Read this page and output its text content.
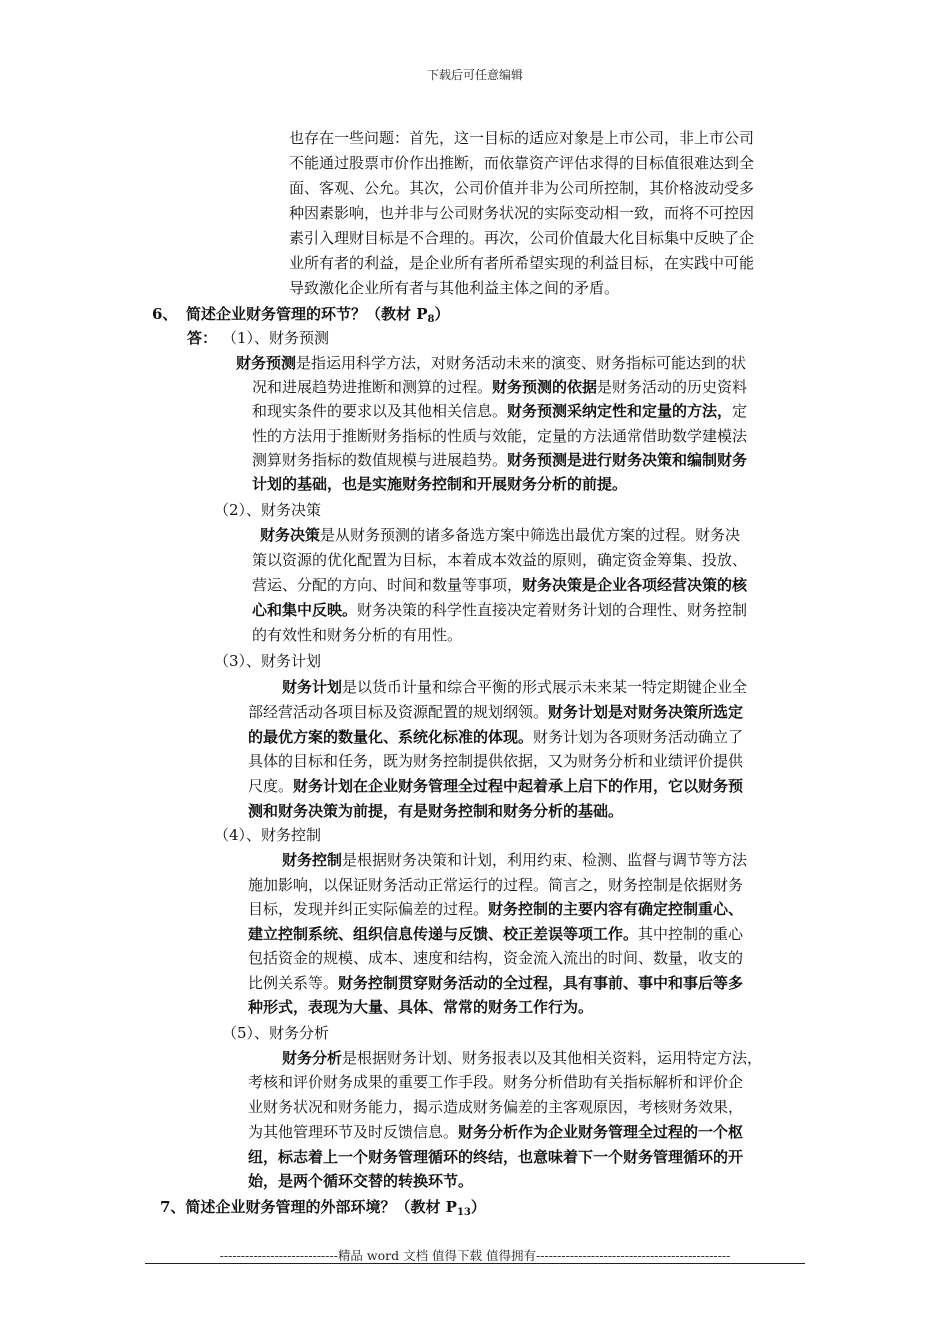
下载后可任意编辑
也存在一些问题：首先，这一目标的适应对象是上市公司，非上市公司
不能通过股票市价作出推断，而依靠资产评估求得的目标值很难达到全
面、客观、公允。其次，公司价值并非为公司所控制，其价格波动受多
种因素影响，也并非与公司财务状况的实际变动相一致，而将不可控因
素引入理财目标是不合理的。再次，公司价值最大化目标集中反映了企
业所有者的利益，是企业所有者所希望实现的利益目标，在实践中可能
导致激化企业所有者与其他利益主体之间的矛盾。
6、 简述企业财务管理的环节？（教材 $P_8$）
答： （1）、财务预测
财务预测是指运用科学方法，对财务活动未来的演变、财务指标可能达到的状
况和进展趋势进推断和测算的过程。财务预测的依据是财务活动的历史资料
和现实条件的要求以及其他相关信息。财务预测采纳定性和定量的方法，定
性的方法用于推断财务指标的性质与效能，定量的方法通常借助数学建模法
测算财务指标的数值规模与进展趋势。财务预测是进行财务决策和编制财务
计划的基础，也是实施财务控制和开展财务分析的前提。
（2）、财务决策
财务决策是从财务预测的诸多备选方案中筛选出最优方案的过程。财务决
策以资源的优化配置为目标，本着成本效益的原则，确定资金筹集、投放、
营运、分配的方向、时间和数量等事项，财务决策是企业各项经营决策的核
心和集中反映。财务决策的科学性直接决定着财务计划的合理性、财务控制
的有效性和财务分析的有用性。
（3）、财务计划
财务计划是以货币计量和综合平衡的形式展示未来某一特定期键企业全
部经营活动各项目标及资源配置的规划纲领。财务计划是对财务决策所选定
的最优方案的数量化、系统化标准的体现。财务计划为各项财务活动确立了
具体的目标和任务，既为财务控制提供依据，又为财务分析和业绩评价提供
尺度。财务计划在企业财务管理全过程中起着承上启下的作用，它以财务预
测和财务决策为前提，有是财务控制和财务分析的基础。
（4）、财务控制
财务控制是根据财务决策和计划，利用约束、检测、监督与调节等方法
施加影响，以保证财务活动正常运行的过程。简言之，财务控制是依据财务
目标，发现并纠正实际偏差的过程。财务控制的主要内容有确定控制重心、
建立控制系统、组织信息传递与反馈、校正差误等项工作。其中控制的重心
包括资金的规模、成本、速度和结构，资金流入流出的时间、数量，收支的
比例关系等。财务控制贯穿财务活动的全过程，具有事前、事中和事后等多
种形式，表现为大量、具体、常常的财务工作行为。
（5）、财务分析
财务分析是根据财务计划、财务报表以及其他相关资料，运用特定方法，
考核和评价财务成果的重要工作手段。财务分析借助有关指标解析和评价企
业财务状况和财务能力，揭示造成财务偏差的主客观原因，考核财务效果，
为其他管理环节及时反馈信息。财务分析作为企业财务管理全过程的一个枢
纽，标志着上一个财务管理循环的终结，也意味着下一个财务管理循环的开
始，是两个循环交替的转换环节。
7、简述企业财务管理的外部环境？（教材 $P_{13}$）
----------------------------精品 word 文档 值得下载 值得拥有----------------------------------------------
